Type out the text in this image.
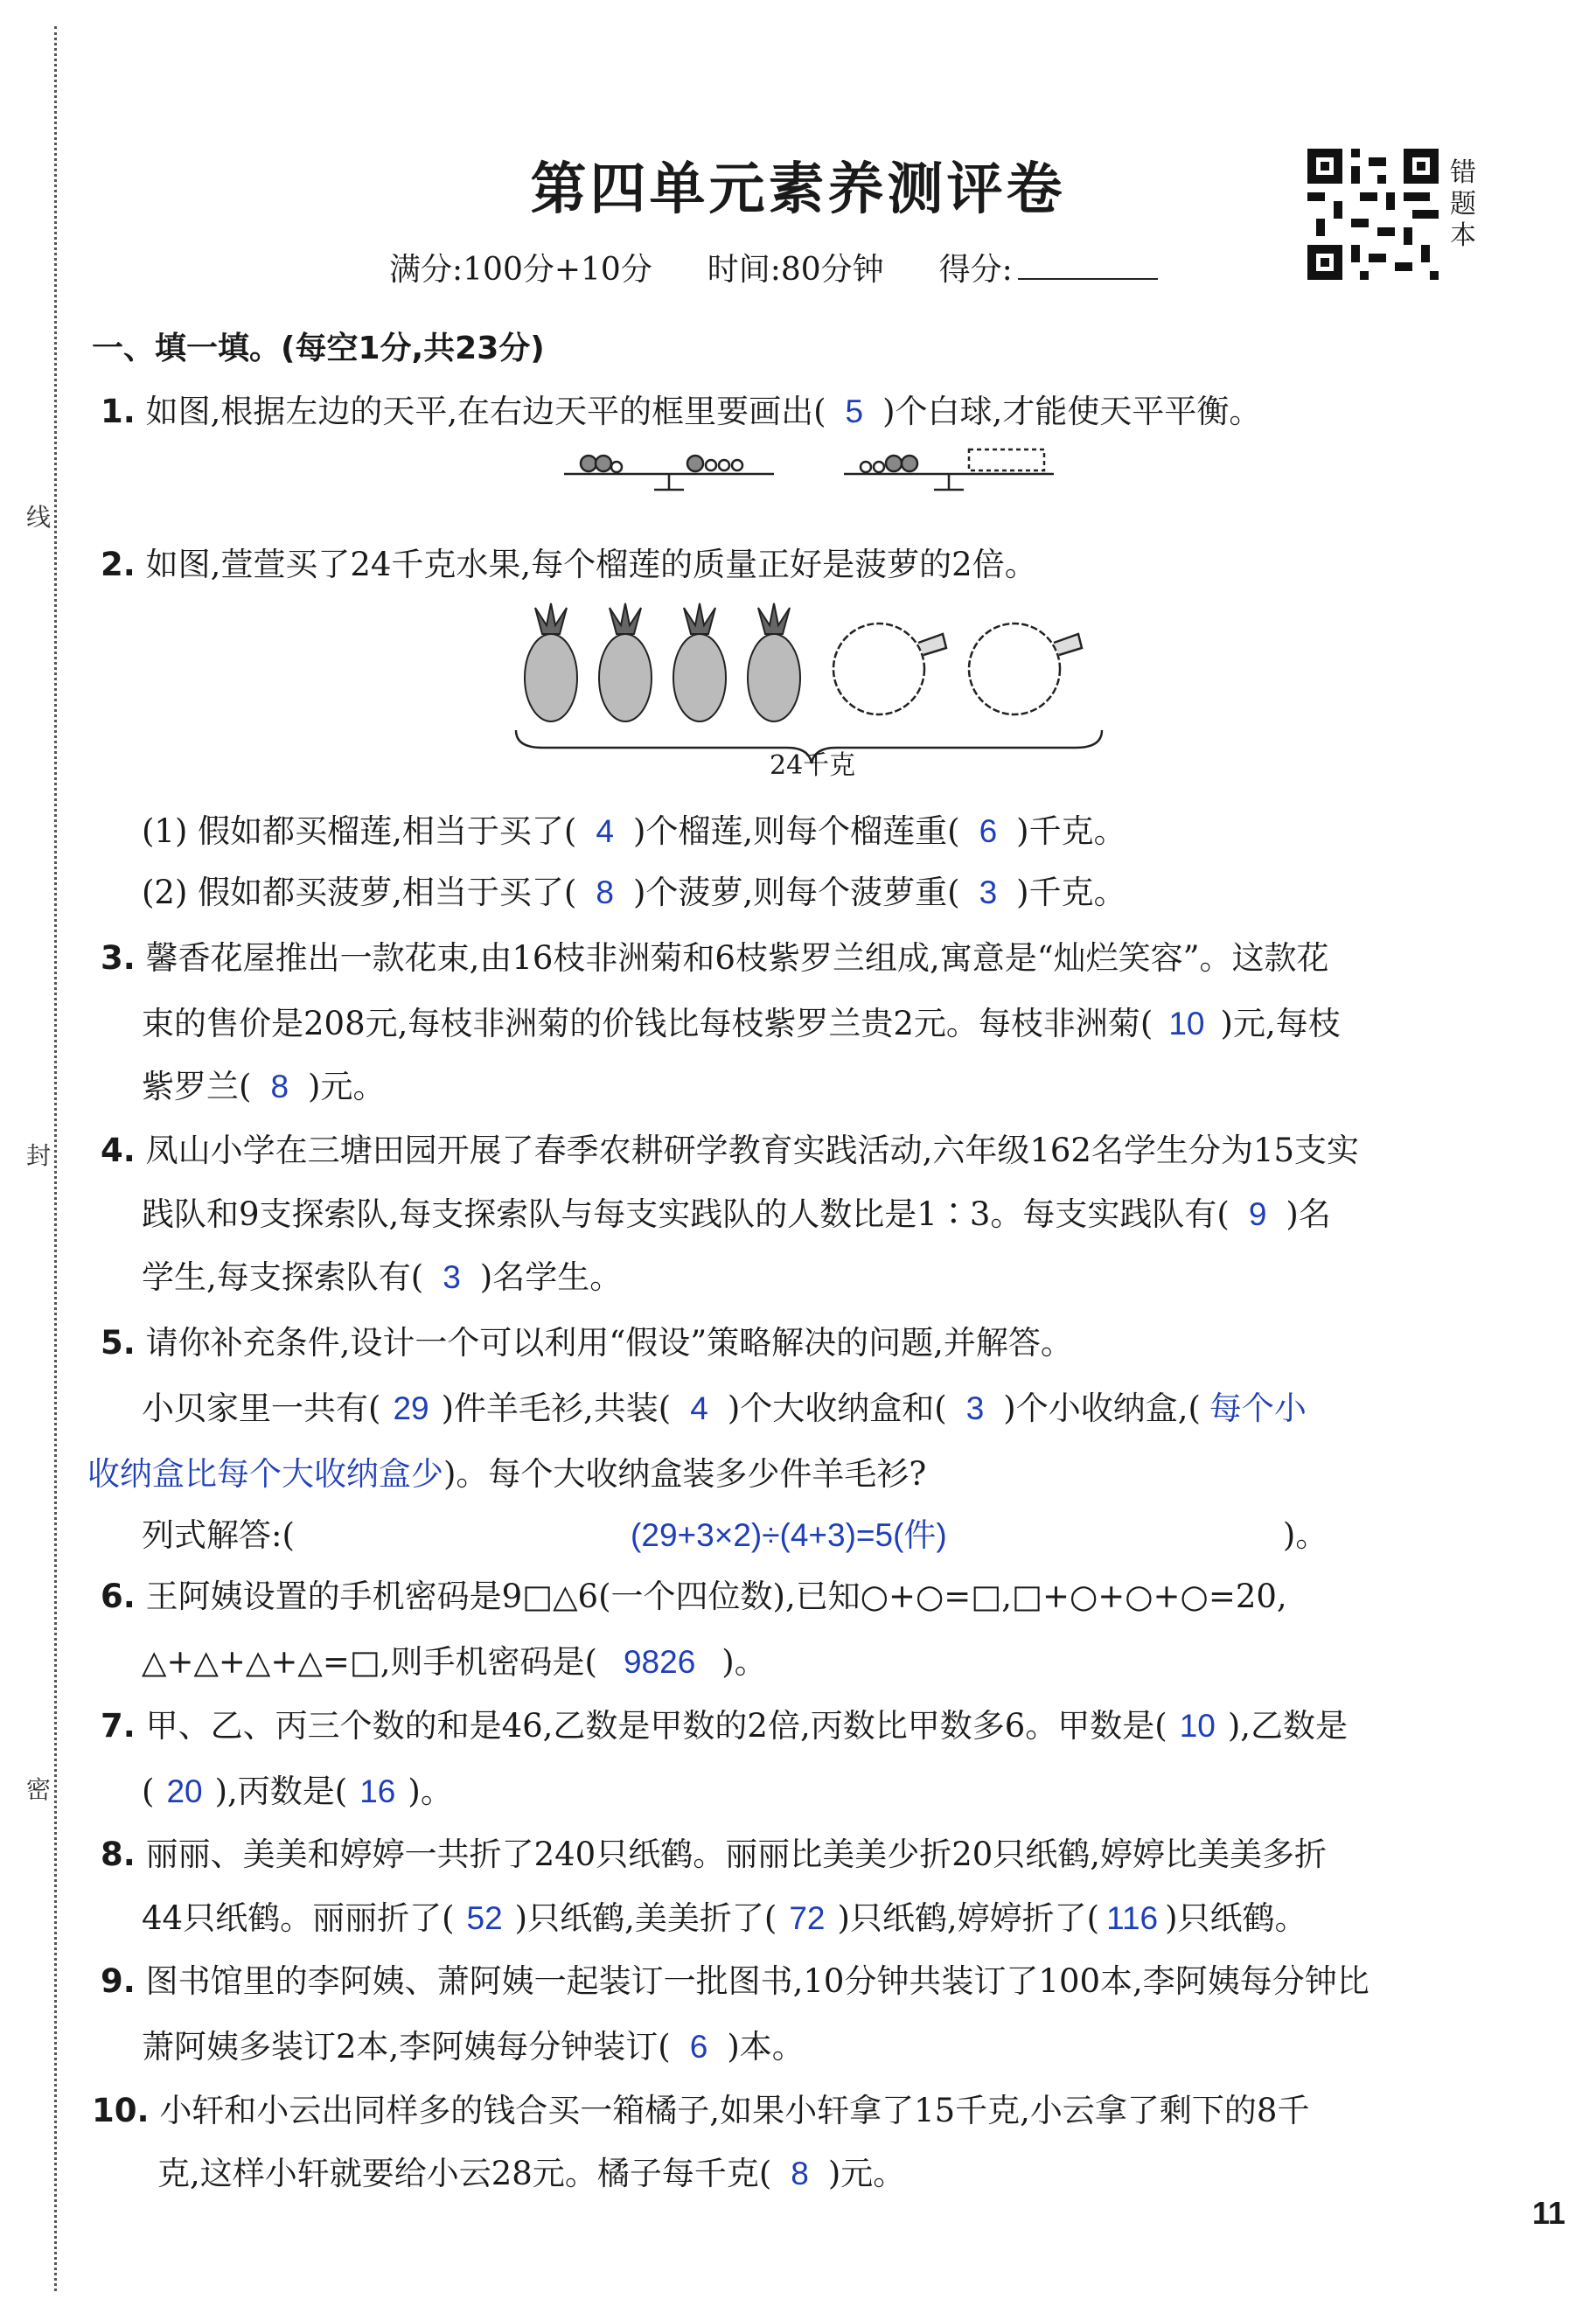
线
封
密
第四单元素养测评卷
满分:100分+10分 时间:80分钟 得分:
错题本
一、填一填。(每空1分,共23分)
1. 如图,根据左边的天平,在右边天平的框里要画出( 5 )个白球,才能使天平平衡。
2. 如图,萱萱买了24千克水果,每个榴莲的质量正好是菠萝的2倍。
24千克
(1) 假如都买榴莲,相当于买了( 4 )个榴莲,则每个榴莲重( 6 )千克。
(2) 假如都买菠萝,相当于买了( 8 )个菠萝,则每个菠萝重( 3 )千克。
3. 馨香花屋推出一款花束,由16枝非洲菊和6枝紫罗兰组成,寓意是“灿烂笑容”。这款花
束的售价是208元,每枝非洲菊的价钱比每枝紫罗兰贵2元。每枝非洲菊( 10 )元,每枝
紫罗兰( 8 )元。
4. 凤山小学在三塘田园开展了春季农耕研学教育实践活动,六年级162名学生分为15支实
践队和9支探索队,每支探索队与每支实践队的人数比是1∶3。每支实践队有( 9 )名
学生,每支探索队有( 3 )名学生。
5. 请你补充条件,设计一个可以利用“假设”策略解决的问题,并解答。
小贝家里一共有( 29 )件羊毛衫,共装( 4 )个大收纳盒和( 3 )个小收纳盒,( 每个小
收纳盒比每个大收纳盒少)。每个大收纳盒装多少件羊毛衫?
列式解答:(	(29+3×2)÷(4+3)=5(件)	)。
6. 王阿姨设置的手机密码是9□△6(一个四位数),已知○+○=□,□+○+○+○=20,
△+△+△+△=□,则手机密码是( 9826 )。
7. 甲、乙、丙三个数的和是46,乙数是甲数的2倍,丙数比甲数多6。甲数是( 10 ),乙数是
( 20 ),丙数是( 16 )。
8. 丽丽、美美和婷婷一共折了240只纸鹤。丽丽比美美少折20只纸鹤,婷婷比美美多折
44只纸鹤。丽丽折了( 52 )只纸鹤,美美折了( 72 )只纸鹤,婷婷折了( 116 )只纸鹤。
9. 图书馆里的李阿姨、萧阿姨一起装订一批图书,10分钟共装订了100本,李阿姨每分钟比
萧阿姨多装订2本,李阿姨每分钟装订( 6 )本。
10. 小轩和小云出同样多的钱合买一箱橘子,如果小轩拿了15千克,小云拿了剩下的8千
克,这样小轩就要给小云28元。橘子每千克( 8 )元。
11
